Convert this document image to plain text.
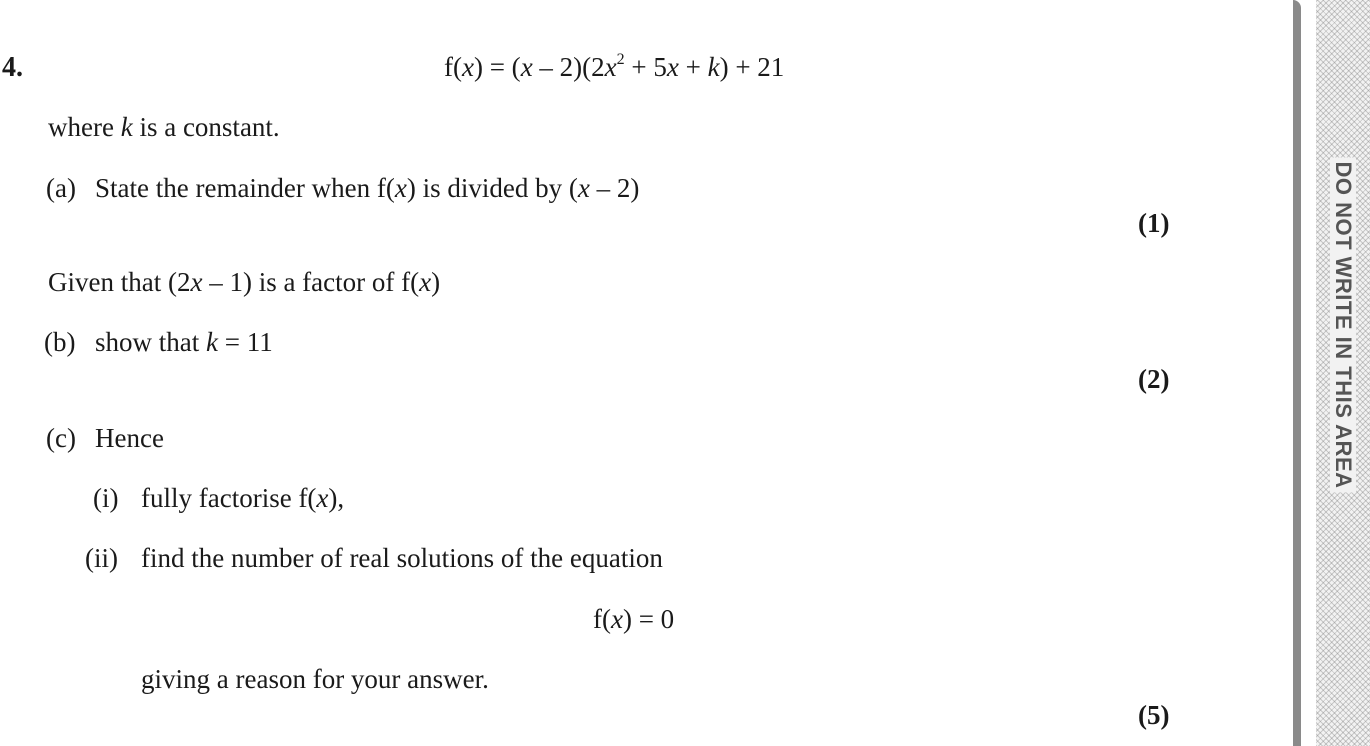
4.	$f(x) = (x - 2)(2x^2 + 5x + k) + 21$
where k is a constant.
(a) State the remainder when f(x) is divided by (x – 2)
(1)
Given that (2x – 1) is a factor of f(x)
(b) show that k = 11
(2)
(c) Hence
(i) fully factorise f(x),
(ii) find the number of real solutions of the equation
f(x) = 0
giving a reason for your answer.
(5)
DO NOT WRITE IN THIS AREA
